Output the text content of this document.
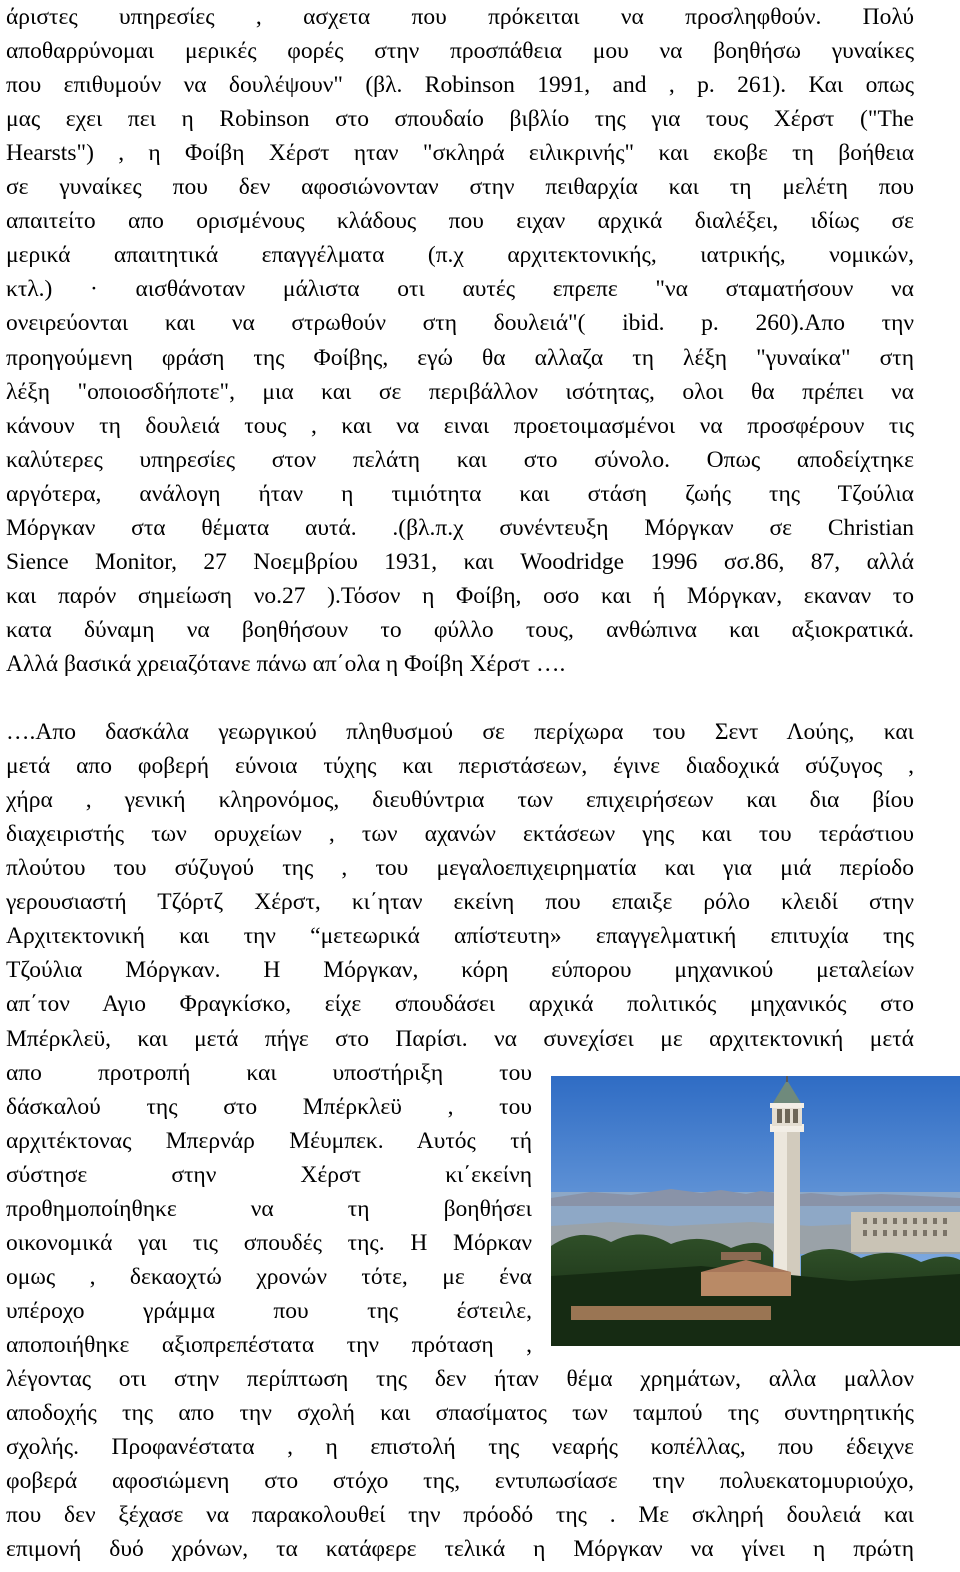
άριστες υπηρεσίες , ασχετα που πρόκειται να προσληφθούν. Πολύ
αποθαρρύνομαι μερικές φορές στην προσπάθεια μου να βοηθήσω γυναίκες
που επιθυμούν να δουλέψουν" (βλ. Robinson 1991, and , p. 261). Και οπως
μας εχει πει η Robinson στο σπουδαίο βιβλίο της για τους Χέρστ ("The
Hearsts") , η Φοίβη Χέρστ ηταν "σκληρά ειλικρινής" και εκοβε τη βοήθεια
σε γυναίκες που δεν αφοσιώνονταν στην πειθαρχία και τη μελέτη που
απαιτείτο απο ορισμένους κλάδους που ειχαν αρχικά διαλέξει, ιδίως σε
μερικά απαιτητικά επαγγέλματα (π.χ αρχιτεκτονικής, ιατρικής, νομικών,
κτλ.) · αισθάνοταν μάλιστα οτι αυτές επρεπε "να σταματήσουν να
ονειρεύονται και να στρωθούν στη δουλειά"( ibid. p. 260).Απο την
προηγούμενη φράση της Φοίβης, εγώ θα αλλαζα τη λέξη "γυναίκα" στη
λέξη "οποιοσδήποτε", μια και σε περιβάλλον ισότητας, ολοι θα πρέπει να
κάνουν τη δουλειά τους , και να ειναι προετοιμασμένοι να προσφέρουν τις
καλύτερες υπηρεσίες στον πελάτη και στο σύνολο. Οπως αποδείχτηκε
αργότερα, ανάλογη ήταν η τιμιότητα και στάση ζωής της Τζούλια
Μόργκαν στα θέματα αυτά. .(βλ.π.χ συνέντευξη Μόργκαν σε Christian
Sience Monitor, 27 Νοεμβρίου 1931, και Woodridge 1996 σσ.86, 87, αλλά
και παρόν σημείωση νο.27 ).Τόσον η Φοίβη, οσο και ή Μόργκαν, εκαναν το
κατα δύναμη να βοηθήσουν το φύλλο τους, ανθώπινα και αξιοκρατικά.
Αλλά βασικά χρειαζότανε πάνω απ΄ολα η Φοίβη Χέρστ ….
….Απο δασκάλα γεωργικού πληθυσμού σε περίχωρα του Σεντ Λούης, και
μετά απο φοβερή εύνοια τύχης και περιστάσεων, έγινε διαδοχικά σύζυγος ,
χήρα , γενική κληρονόμος, διευθύντρια των επιχειρήσεων και δια βίου
διαχειριστής των ορυχείων , των αχανών εκτάσεων γης και του τεράστιου
πλούτου του σύζυγού της , του μεγαλοεπιχειρηματία και για μιά περίοδο
γερουσιαστή Τζόρτζ Χέρστ, κι΄ηταν εκείνη που επαιξε ρόλο κλειδί στην
Αρχιτεκτονική και την “μετεωρικά απίστευτη» επαγγελματική επιτυχία της
Τζούλια Μόργκαν. Η Μόργκαν, κόρη εύπορου μηχανικού μεταλείων
απ΄τον Αγιο Φραγκίσκο, είχε σπουδάσει αρχικά πολιτικός μηχανικός στο
Μπέρκλεϋ, και μετά πήγε στο Παρίσι. να συνεχίσει με αρχιτεκτονική μετά
απο προτροπή και υποστήριξη του
δάσκαλού της στο Μπέρκλεϋ , του
αρχιτέκτονας Μπερνάρ Μέυμπεκ. Αυτός τή
σύστησε στην Χέρστ κι΄εκείνη
προθημοποίηθηκε να τη βοηθήσει
οικονομικά γαι τις σπουδές της. Η Μόρκαν
ομως , δεκαοχτώ χρονών τότε, με ένα
υπέροχο γράμμα που της έστειλε,
αποποιήθηκε αξιοπρεπέστατα την πρόταση ,
λέγοντας οτι στην περίπτωση της δεν ήταν θέμα χρημάτων, αλλα μαλλον
αποδοχής της απο την σχολή και σπασίματος των ταμπού της συντηρητικής
σχολής. Προφανέστατα , η επιστολή της νεαρής κοπέλλας, που έδειχνε
φοβερά αφοσιώμενη στο στόχο της, εντυπωσίασε την πολυεκατομυριούχο,
που δεν ξέχασε να παρακολουθεί την πρόοδό της . Με σκληρή δουλειά και
επιμονή δυό χρόνων, τα κατάφερε τελικά η Μόργκαν να γίνει η πρώτη
